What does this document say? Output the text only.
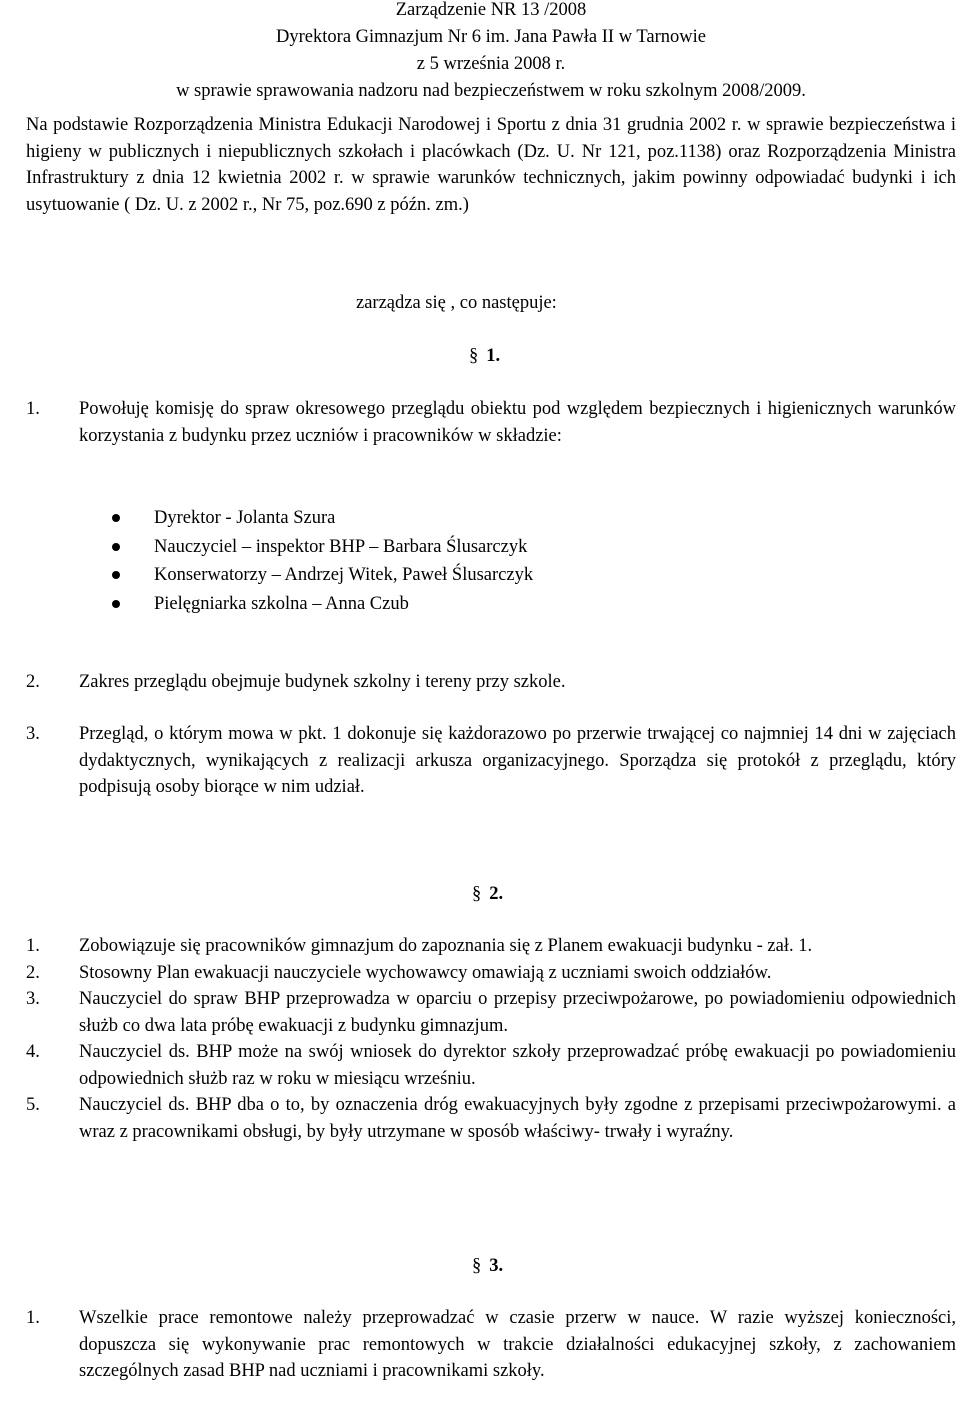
Zarządzenie NR 13 /2008
Dyrektora Gimnazjum Nr 6 im. Jana Pawła II w Tarnowie
z 5 września 2008 r.
w sprawie sprawowania nadzoru nad bezpieczeństwem w roku szkolnym 2008/2009.

Na podstawie Rozporządzenia Ministra Edukacji Narodowej i Sportu z dnia 31 grudnia 2002 r. w sprawie bezpieczeństwa i higieny w publicznych i niepublicznych szkołach i placówkach (Dz. U. Nr 121, poz.1138) oraz Rozporządzenia Ministra Infrastruktury z dnia 12 kwietnia 2002 r. w sprawie warunków technicznych, jakim powinny odpowiadać budynki i ich usytuowanie ( Dz. U. z 2002 r., Nr 75, poz.690 z późn. zm.)

zarządza się , co następuje:
§ 1.
1.	Powołuję komisję do spraw okresowego przeglądu obiektu pod względem bezpiecznych i higienicznych warunków korzystania z budynku przez uczniów i pracowników w składzie:
Dyrektor - Jolanta Szura
Nauczyciel – inspektor BHP – Barbara Ślusarczyk
Konserwatorzy – Andrzej Witek, Paweł Ślusarczyk
Pielęgniarka szkolna – Anna Czub
2.	Zakres przeglądu obejmuje budynek szkolny i tereny przy szkole.
3.	Przegląd, o którym mowa w pkt. 1 dokonuje się każdorazowo po przerwie trwającej co najmniej 14 dni w zajęciach dydaktycznych, wynikających z realizacji arkusza organizacyjnego. Sporządza się protokół z przeglądu, który podpisują osoby biorące w nim udział.
§ 2.
1.	Zobowiązuje się pracowników gimnazjum do zapoznania się z Planem ewakuacji budynku - zał. 1.
2.	Stosowny Plan ewakuacji nauczyciele wychowawcy omawiają z uczniami swoich oddziałów.
3.	Nauczyciel do spraw BHP przeprowadza w oparciu o przepisy przeciwpożarowe, po powiadomieniu odpowiednich służb co dwa lata próbę ewakuacji z budynku gimnazjum.
4.	Nauczyciel ds. BHP może na swój wniosek do dyrektor szkoły przeprowadzać próbę ewakuacji po powiadomieniu odpowiednich służb raz w roku w miesiącu wrześniu.
5.	Nauczyciel ds. BHP dba o to, by oznaczenia dróg ewakuacyjnych były zgodne z przepisami przeciwpożarowymi. a wraz z pracownikami obsługi, by były utrzymane w sposób właściwy- trwały i wyraźny.
§ 3.
1.	Wszelkie prace remontowe należy przeprowadzać w czasie przerw w nauce. W razie wyższej konieczności, dopuszcza się wykonywanie prac remontowych w trakcie działalności edukacyjnej szkoły, z zachowaniem szczególnych zasad BHP nad uczniami i pracownikami szkoły.
